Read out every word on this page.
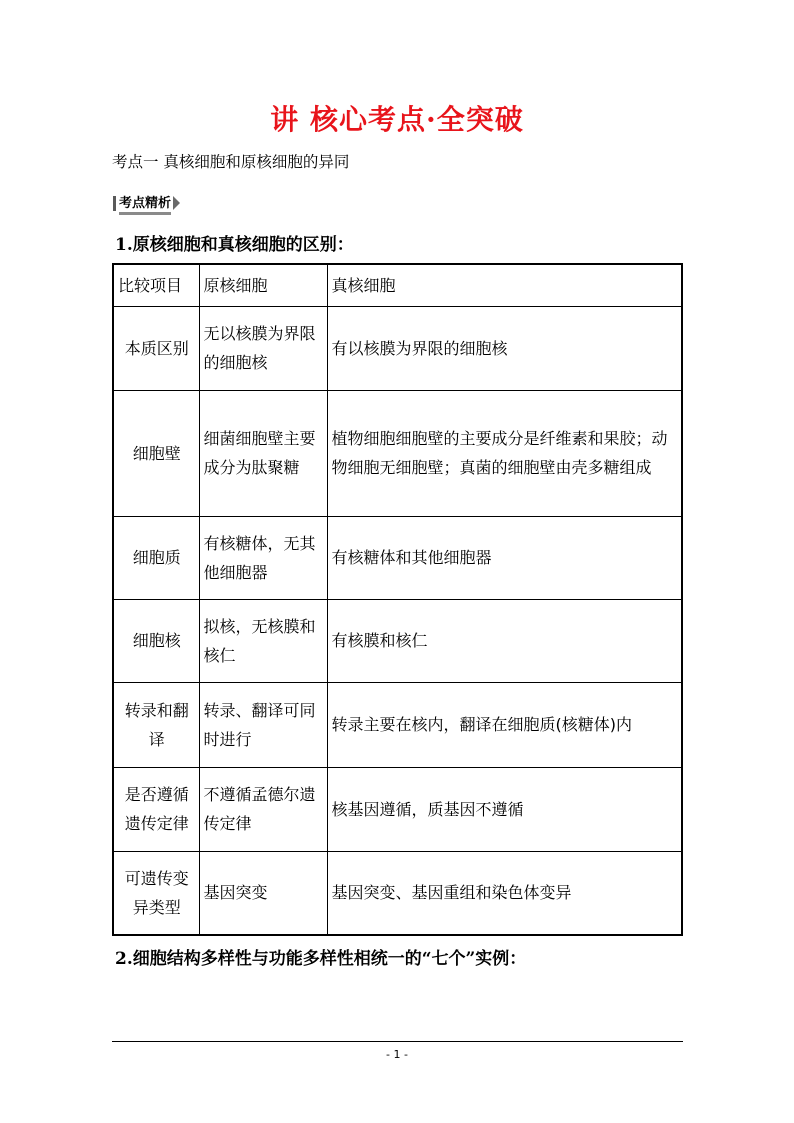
讲 核心考点·全突破

考点一 真核细胞和原核细胞的异同

考点精析

1.原核细胞和真核细胞的区别：

比较项目	原核细胞	真核细胞
本质区别	无以核膜为界限的细胞核	有以核膜为界限的细胞核
细胞壁	细菌细胞壁主要成分为肽聚糖	植物细胞细胞壁的主要成分是纤维素和果胶；动物细胞无细胞壁；真菌的细胞壁由壳多糖组成
细胞质	有核糖体，无其他细胞器	有核糖体和其他细胞器
细胞核	拟核，无核膜和核仁	有核膜和核仁
转录和翻译	转录、翻译可同时进行	转录主要在核内，翻译在细胞质(核糖体)内
是否遵循遗传定律	不遵循孟德尔遗传定律	核基因遵循，质基因不遵循
可遗传变异类型	基因突变	基因突变、基因重组和染色体变异

2.细胞结构多样性与功能多样性相统一的“七个”实例：

- 1 -
